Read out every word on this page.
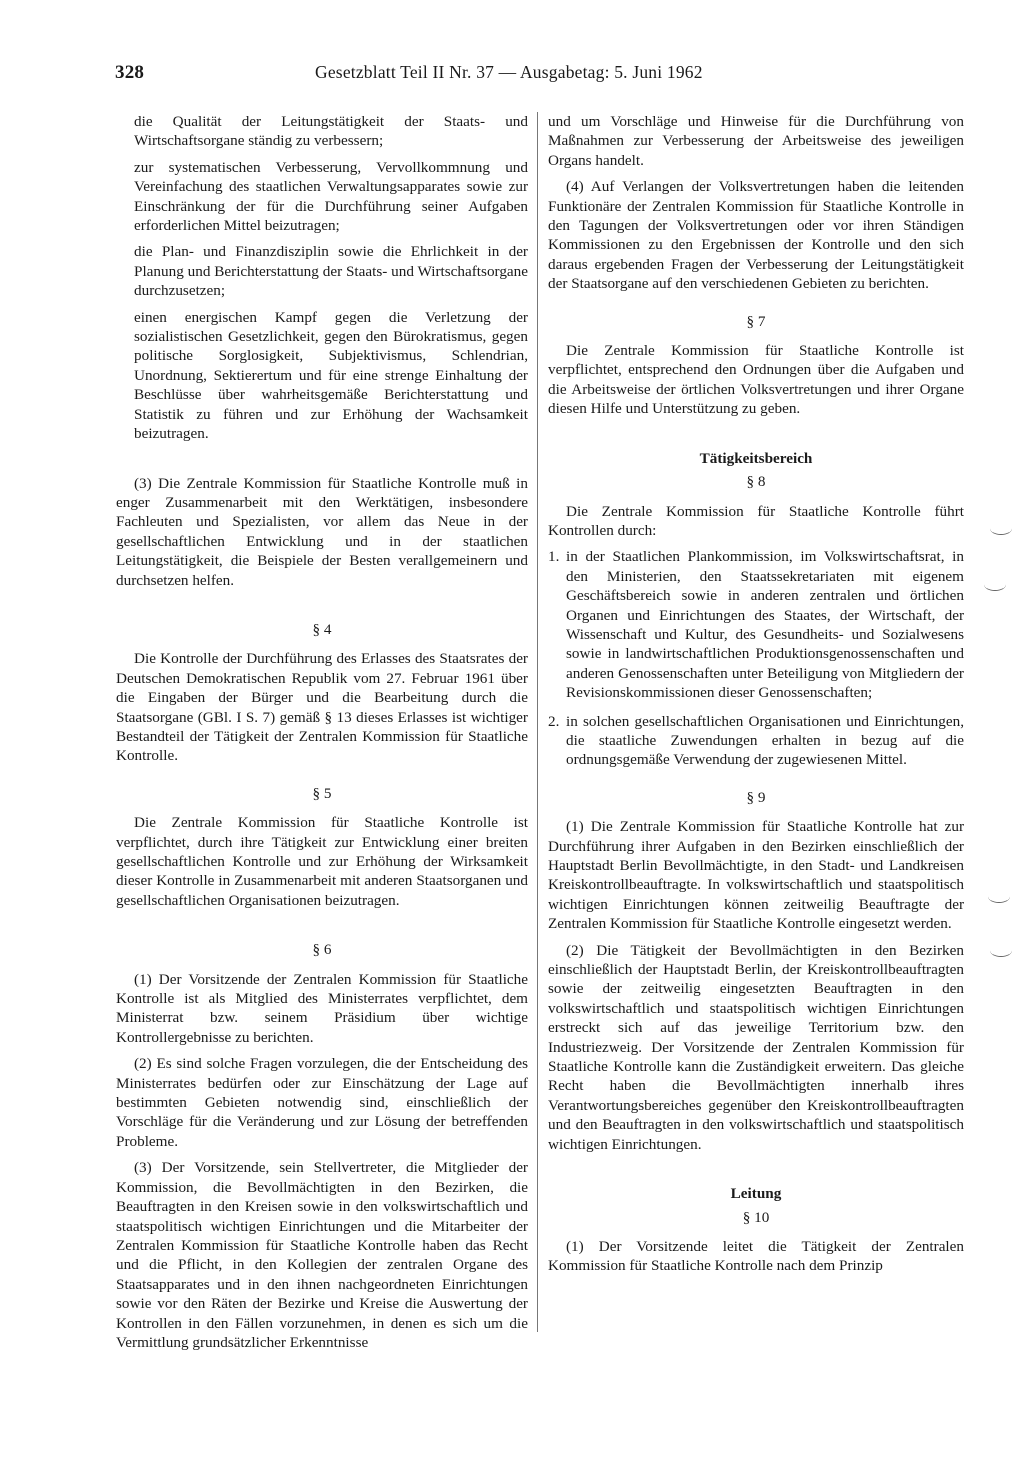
328	Gesetzblatt Teil II Nr. 37 — Ausgabetag: 5. Juni 1962

die Qualität der Leitungstätigkeit der Staats- und Wirtschaftsorgane ständig zu verbessern;

zur systematischen Verbesserung, Vervollkommnung und Vereinfachung des staatlichen Verwaltungsapparates sowie zur Einschränkung der für die Durchführung seiner Aufgaben erforderlichen Mittel beizutragen;

die Plan- und Finanzdisziplin sowie die Ehrlichkeit in der Planung und Berichterstattung der Staats- und Wirtschaftsorgane durchzusetzen;

einen energischen Kampf gegen die Verletzung der sozialistischen Gesetzlichkeit, gegen den Bürokratismus, gegen politische Sorglosigkeit, Subjektivismus, Schlendrian, Unordnung, Sektierertum und für eine strenge Einhaltung der Beschlüsse über wahrheitsgemäße Berichterstattung und Statistik zu führen und zur Erhöhung der Wachsamkeit beizutragen.

(3) Die Zentrale Kommission für Staatliche Kontrolle muß in enger Zusammenarbeit mit den Werktätigen, insbesondere Fachleuten und Spezialisten, vor allem das Neue in der gesellschaftlichen Entwicklung und in der staatlichen Leitungstätigkeit, die Beispiele der Besten verallgemeinern und durchsetzen helfen.

§ 4

Die Kontrolle der Durchführung des Erlasses des Staatsrates der Deutschen Demokratischen Republik vom 27. Februar 1961 über die Eingaben der Bürger und die Bearbeitung durch die Staatsorgane (GBl. I S. 7) gemäß § 13 dieses Erlasses ist wichtiger Bestandteil der Tätigkeit der Zentralen Kommission für Staatliche Kontrolle.

§ 5

Die Zentrale Kommission für Staatliche Kontrolle ist verpflichtet, durch ihre Tätigkeit zur Entwicklung einer breiten gesellschaftlichen Kontrolle und zur Erhöhung der Wirksamkeit dieser Kontrolle in Zusammenarbeit mit anderen Staatsorganen und gesellschaftlichen Organisationen beizutragen.

§ 6

(1) Der Vorsitzende der Zentralen Kommission für Staatliche Kontrolle ist als Mitglied des Ministerrates verpflichtet, dem Ministerrat bzw. seinem Präsidium über wichtige Kontrollergebnisse zu berichten.

(2) Es sind solche Fragen vorzulegen, die der Entscheidung des Ministerrates bedürfen oder zur Einschätzung der Lage auf bestimmten Gebieten notwendig sind, einschließlich der Vorschläge für die Veränderung und zur Lösung der betreffenden Probleme.

(3) Der Vorsitzende, sein Stellvertreter, die Mitglieder der Kommission, die Bevollmächtigten in den Bezirken, die Beauftragten in den Kreisen sowie in den volkswirtschaftlich und staatspolitisch wichtigen Einrichtungen und die Mitarbeiter der Zentralen Kommission für Staatliche Kontrolle haben das Recht und die Pflicht, in den Kollegien der zentralen Organe des Staatsapparates und in den ihnen nachgeordneten Einrichtungen sowie vor den Räten der Bezirke und Kreise die Auswertung der Kontrollen in den Fällen vorzunehmen, in denen es sich um die Vermittlung grundsätzlicher Erkenntnisse

und um Vorschläge und Hinweise für die Durchführung von Maßnahmen zur Verbesserung der Arbeitsweise des jeweiligen Organs handelt.

(4) Auf Verlangen der Volksvertretungen haben die leitenden Funktionäre der Zentralen Kommission für Staatliche Kontrolle in den Tagungen der Volksvertretungen oder vor ihren Ständigen Kommissionen zu den Ergebnissen der Kontrolle und den sich daraus ergebenden Fragen der Verbesserung der Leitungstätigkeit der Staatsorgane auf den verschiedenen Gebieten zu berichten.

§ 7

Die Zentrale Kommission für Staatliche Kontrolle ist verpflichtet, entsprechend den Ordnungen über die Aufgaben und die Arbeitsweise der örtlichen Volksvertretungen und ihrer Organe diesen Hilfe und Unterstützung zu geben.

Tätigkeitsbereich
§ 8

Die Zentrale Kommission für Staatliche Kontrolle führt Kontrollen durch:

1. in der Staatlichen Plankommission, im Volkswirtschaftsrat, in den Ministerien, den Staatssekretariaten mit eigenem Geschäftsbereich sowie in anderen zentralen und örtlichen Organen und Einrichtungen des Staates, der Wirtschaft, der Wissenschaft und Kultur, des Gesundheits- und Sozialwesens sowie in landwirtschaftlichen Produktionsgenossenschaften und anderen Genossenschaften unter Beteiligung von Mitgliedern der Revisionskommissionen dieser Genossenschaften;
2. in solchen gesellschaftlichen Organisationen und Einrichtungen, die staatliche Zuwendungen erhalten in bezug auf die ordnungsgemäße Verwendung der zugewiesenen Mittel.
§ 9

(1) Die Zentrale Kommission für Staatliche Kontrolle hat zur Durchführung ihrer Aufgaben in den Bezirken einschließlich der Hauptstadt Berlin Bevollmächtigte, in den Stadt- und Landkreisen Kreiskontrollbeauftragte. In volkswirtschaftlich und staatspolitisch wichtigen Einrichtungen können zeitweilig Beauftragte der Zentralen Kommission für Staatliche Kontrolle eingesetzt werden.

(2) Die Tätigkeit der Bevollmächtigten in den Bezirken einschließlich der Hauptstadt Berlin, der Kreiskontrollbeauftragten sowie der zeitweilig eingesetzten Beauftragten in den volkswirtschaftlich und staatspolitisch wichtigen Einrichtungen erstreckt sich auf das jeweilige Territorium bzw. den Industriezweig. Der Vorsitzende der Zentralen Kommission für Staatliche Kontrolle kann die Zuständigkeit erweitern. Das gleiche Recht haben die Bevollmächtigten innerhalb ihres Verantwortungsbereiches gegenüber den Kreiskontrollbeauftragten und den Beauftragten in den volkswirtschaftlich und staatspolitisch wichtigen Einrichtungen.

Leitung
§ 10

(1) Der Vorsitzende leitet die Tätigkeit der Zentralen Kommission für Staatliche Kontrolle nach dem Prinzip
